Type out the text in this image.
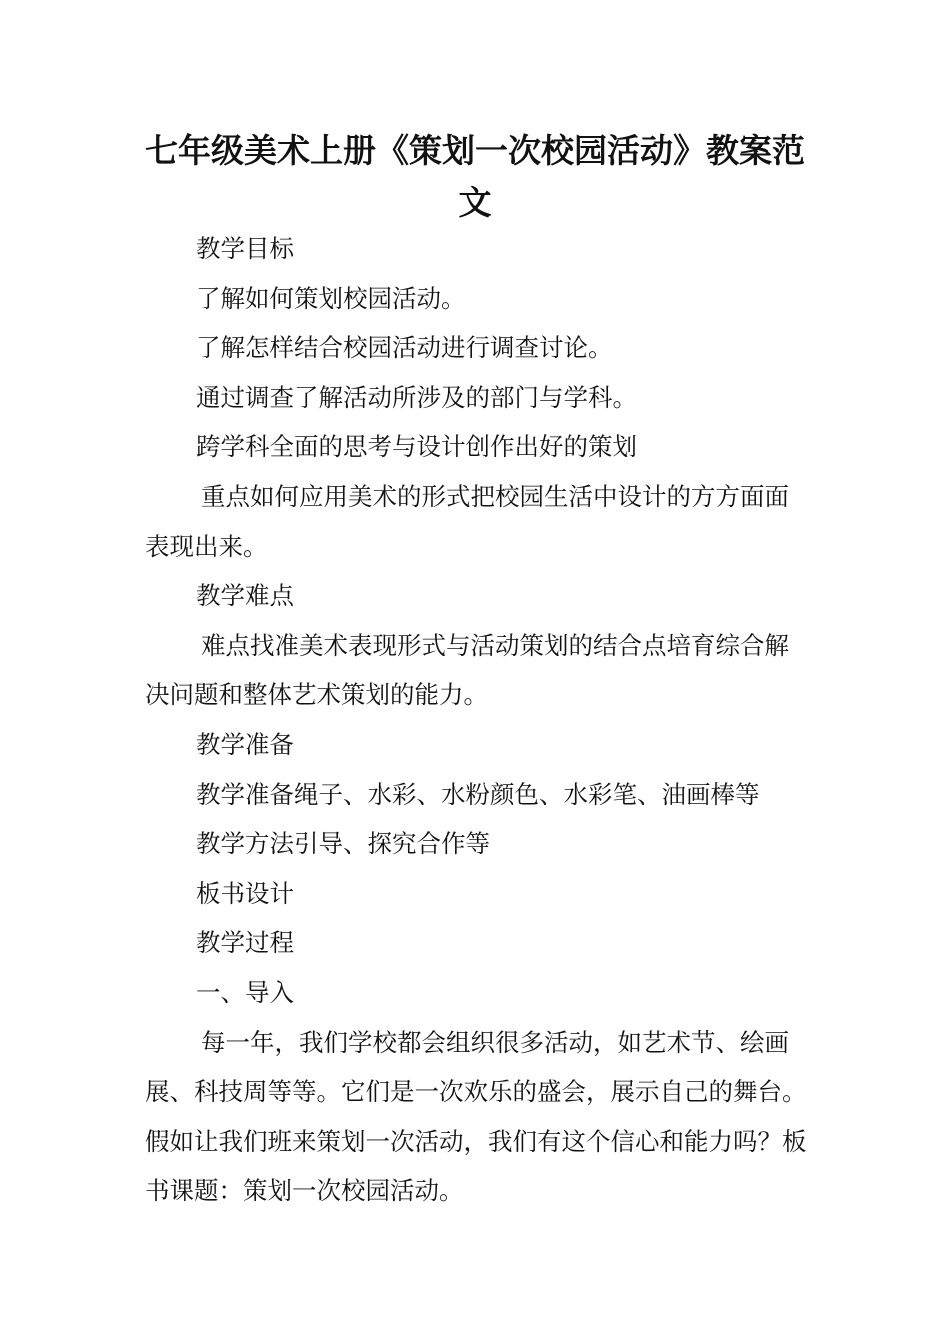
七年级美术上册《策划一次校园活动》教案范文

教学目标

了解如何策划校园活动。

了解怎样结合校园活动进行调查讨论。

通过调查了解活动所涉及的部门与学科。

跨学科全面的思考与设计创作出好的策划

重点如何应用美术的形式把校园生活中设计的方方面面表现出来。

教学难点

难点找准美术表现形式与活动策划的结合点培育综合解决问题和整体艺术策划的能力。

教学准备

教学准备绳子、水彩、水粉颜色、水彩笔、油画棒等

教学方法引导、探究合作等

板书设计

教学过程

一、导入

每一年，我们学校都会组织很多活动，如艺术节、绘画展、科技周等等。它们是一次欢乐的盛会，展示自己的舞台。假如让我们班来策划一次活动，我们有这个信心和能力吗？板书课题：策划一次校园活动。
